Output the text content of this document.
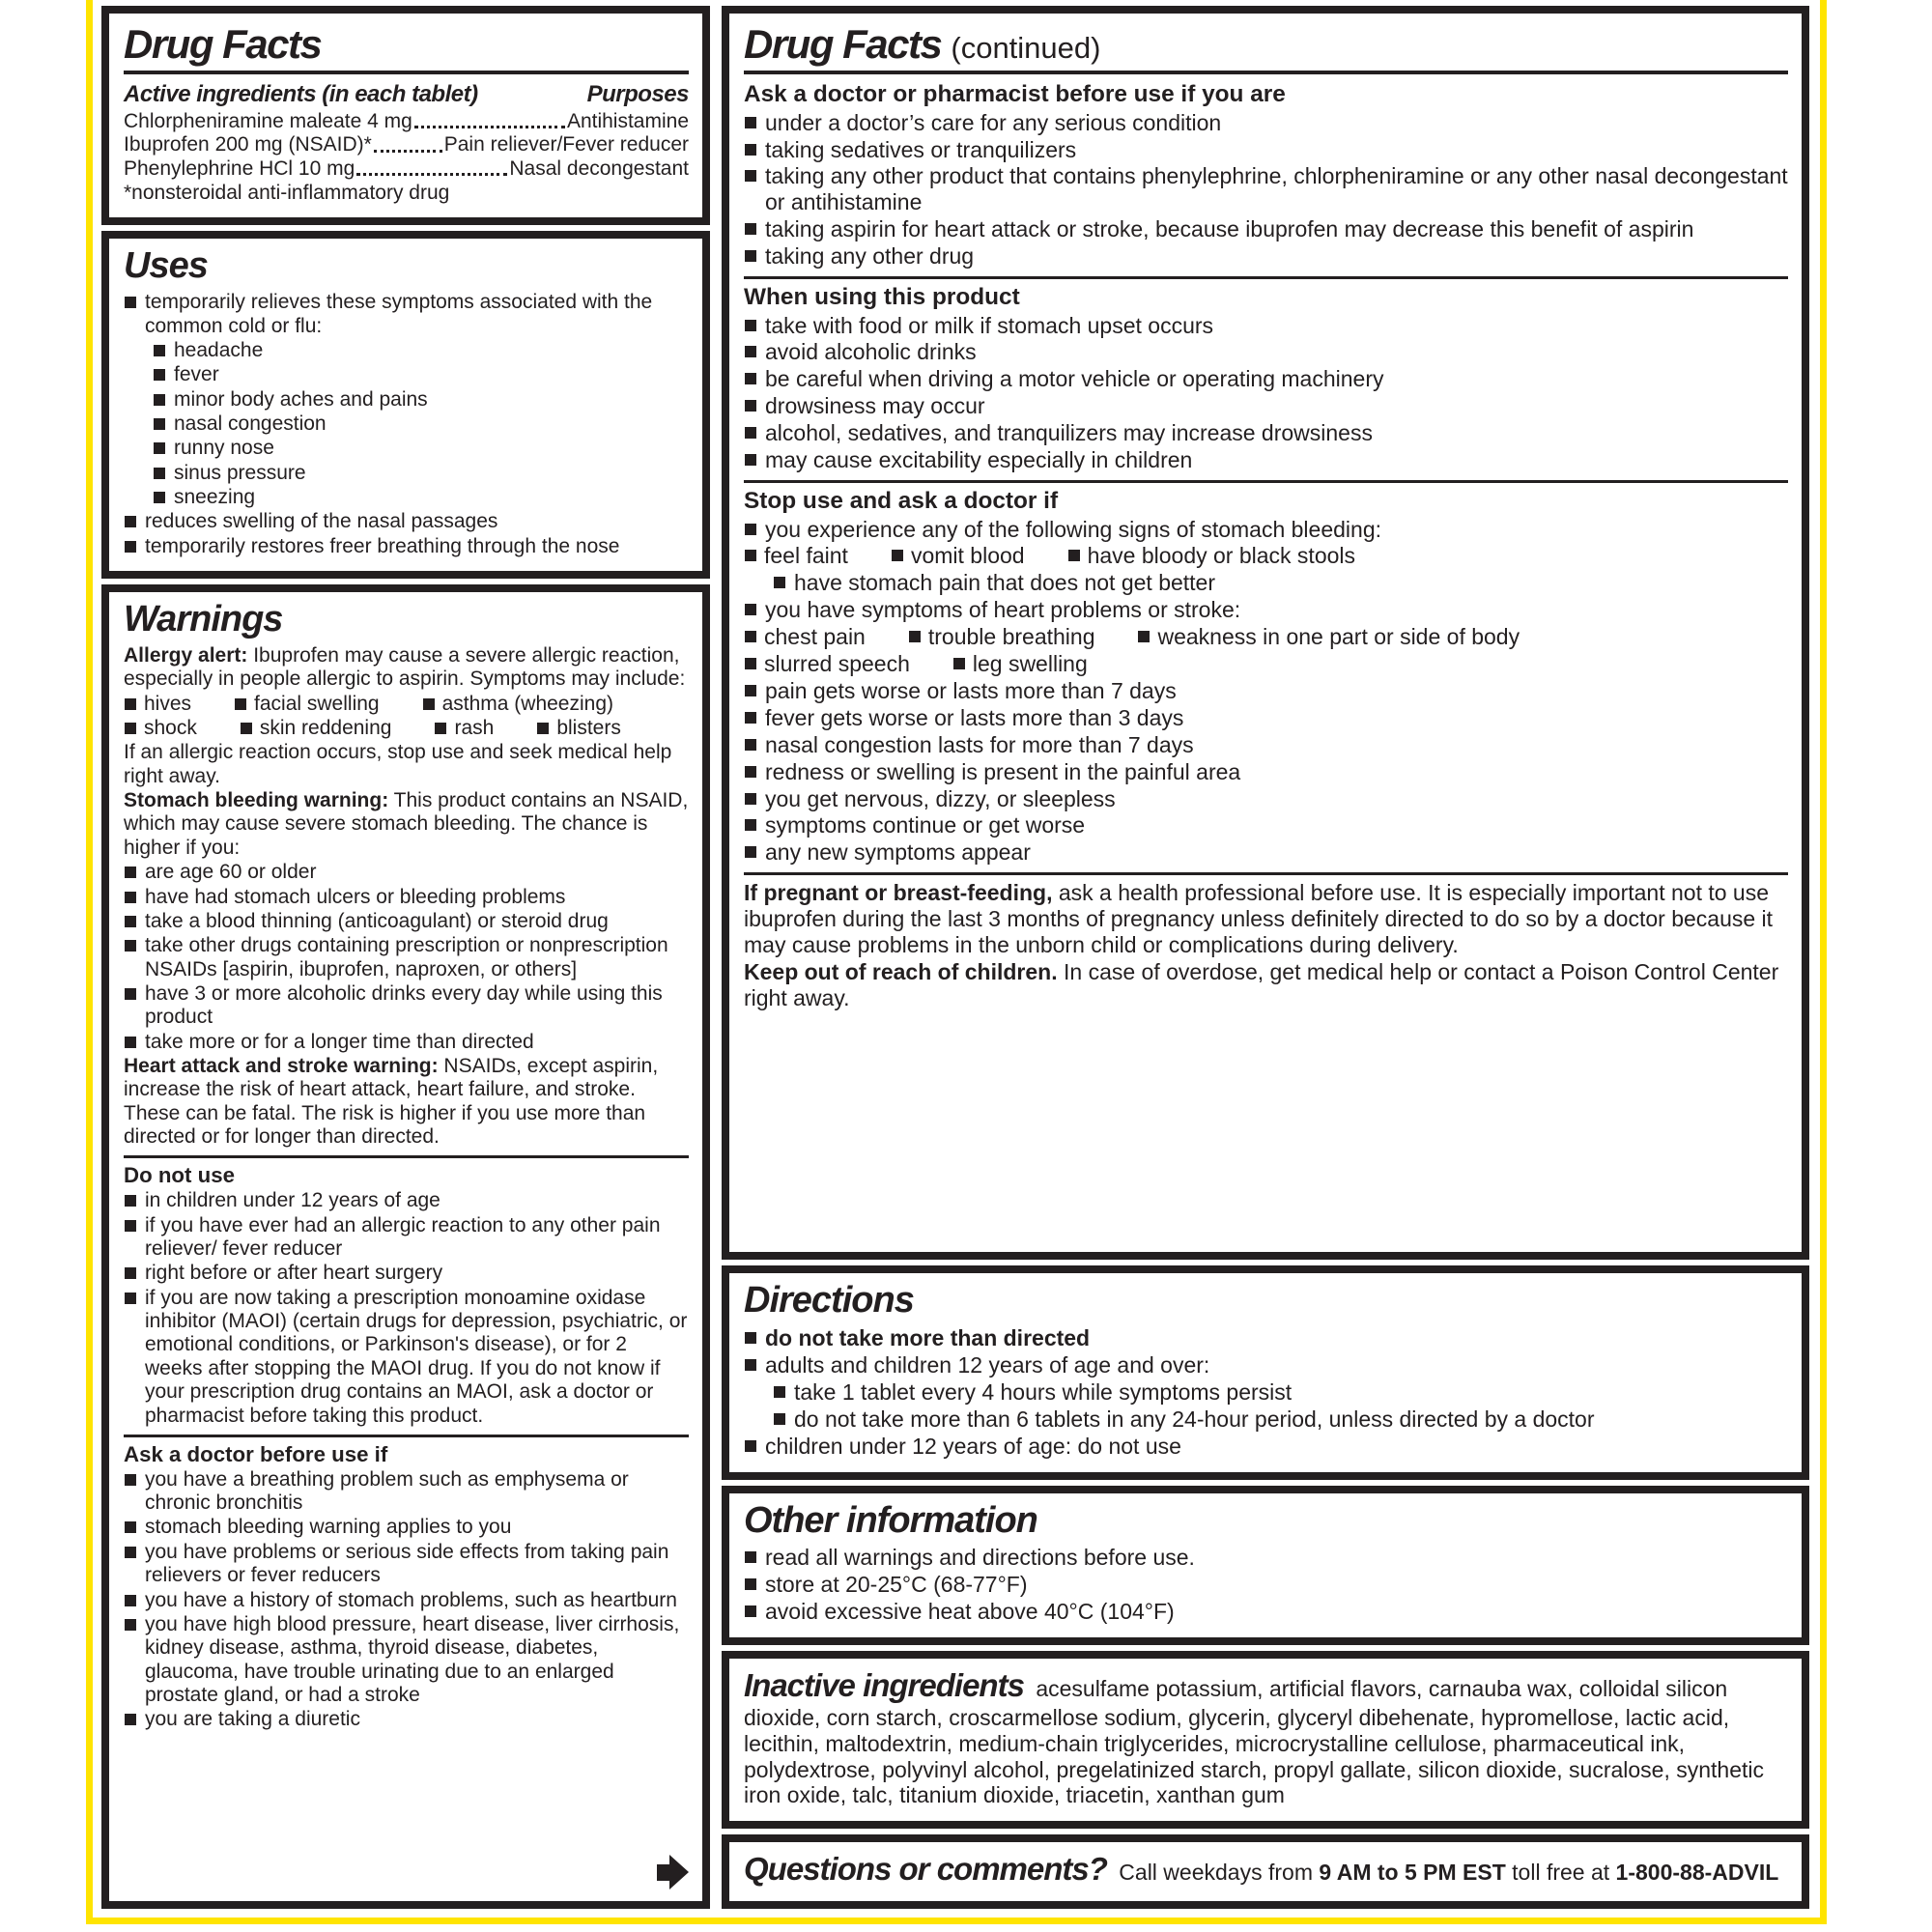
Drug Facts
Active ingredients (in each tablet)	Purposes
Chlorpheniramine maleate 4 mg	Antihistamine
Ibuprofen 200 mg (NSAID)*	Pain reliever/Fever reducer
Phenylephrine HCl 10 mg	Nasal decongestant
*nonsteroidal anti-inflammatory drug
Uses
temporarily relieves these symptoms associated with the common cold or flu:
headache
fever
minor body aches and pains
nasal congestion
runny nose
sinus pressure
sneezing
reduces swelling of the nasal passages
temporarily restores freer breathing through the nose
Warnings
Allergy alert: Ibuprofen may cause a severe allergic reaction, especially in people allergic to aspirin. Symptoms may include:
hives	facial swelling	asthma (wheezing)
shock	skin reddening	rash	blisters
If an allergic reaction occurs, stop use and seek medical help right away.
Stomach bleeding warning: This product contains an NSAID, which may cause severe stomach bleeding. The chance is higher if you:
are age 60 or older
have had stomach ulcers or bleeding problems
take a blood thinning (anticoagulant) or steroid drug
take other drugs containing prescription or nonprescription NSAIDs [aspirin, ibuprofen, naproxen, or others]
have 3 or more alcoholic drinks every day while using this product
take more or for a longer time than directed
Heart attack and stroke warning: NSAIDs, except aspirin, increase the risk of heart attack, heart failure, and stroke. These can be fatal. The risk is higher if you use more than directed or for longer than directed.
Do not use
in children under 12 years of age
if you have ever had an allergic reaction to any other pain reliever/ fever reducer
right before or after heart surgery
if you are now taking a prescription monoamine oxidase inhibitor (MAOI) (certain drugs for depression, psychiatric, or emotional conditions, or Parkinson's disease), or for 2 weeks after stopping the MAOI drug. If you do not know if your prescription drug contains an MAOI, ask a doctor or pharmacist before taking this product.
Ask a doctor before use if
you have a breathing problem such as emphysema or chronic bronchitis
stomach bleeding warning applies to you
you have problems or serious side effects from taking pain relievers or fever reducers
you have a history of stomach problems, such as heartburn
you have high blood pressure, heart disease, liver cirrhosis, kidney disease, asthma, thyroid disease, diabetes, glaucoma, have trouble urinating due to an enlarged prostate gland, or had a stroke
you are taking a diuretic
Drug Facts (continued)
Ask a doctor or pharmacist before use if you are
under a doctor’s care for any serious condition
taking sedatives or tranquilizers
taking any other product that contains phenylephrine, chlorpheniramine or any other nasal decongestant or antihistamine
taking aspirin for heart attack or stroke, because ibuprofen may decrease this benefit of aspirin
taking any other drug
When using this product
take with food or milk if stomach upset occurs
avoid alcoholic drinks
be careful when driving a motor vehicle or operating machinery
drowsiness may occur
alcohol, sedatives, and tranquilizers may increase drowsiness
may cause excitability especially in children
Stop use and ask a doctor if
you experience any of the following signs of stomach bleeding:
feel faint	vomit blood	have bloody or black stools
have stomach pain that does not get better
you have symptoms of heart problems or stroke:
chest pain	trouble breathing	weakness in one part or side of body
slurred speech	leg swelling
pain gets worse or lasts more than 7 days
fever gets worse or lasts more than 3 days
nasal congestion lasts for more than 7 days
redness or swelling is present in the painful area
you get nervous, dizzy, or sleepless
symptoms continue or get worse
any new symptoms appear
If pregnant or breast-feeding, ask a health professional before use. It is especially important not to use ibuprofen during the last 3 months of pregnancy unless definitely directed to do so by a doctor because it may cause problems in the unborn child or complications during delivery.
Keep out of reach of children. In case of overdose, get medical help or contact a Poison Control Center right away.
Directions
do not take more than directed
adults and children 12 years of age and over:
take 1 tablet every 4 hours while symptoms persist
do not take more than 6 tablets in any 24-hour period, unless directed by a doctor
children under 12 years of age: do not use
Other information
read all warnings and directions before use.
store at 20-25°C (68-77°F)
avoid excessive heat above 40°C (104°F)
Inactive ingredients acesulfame potassium, artificial flavors, carnauba wax, colloidal silicon dioxide, corn starch, croscarmellose sodium, glycerin, glyceryl dibehenate, hypromellose, lactic acid, lecithin, maltodextrin, medium-chain triglycerides, microcrystalline cellulose, pharmaceutical ink, polydextrose, polyvinyl alcohol, pregelatinized starch, propyl gallate, silicon dioxide, sucralose, synthetic iron oxide, talc, titanium dioxide, triacetin, xanthan gum
Questions or comments? Call weekdays from 9 AM to 5 PM EST toll free at 1-800-88-ADVIL
